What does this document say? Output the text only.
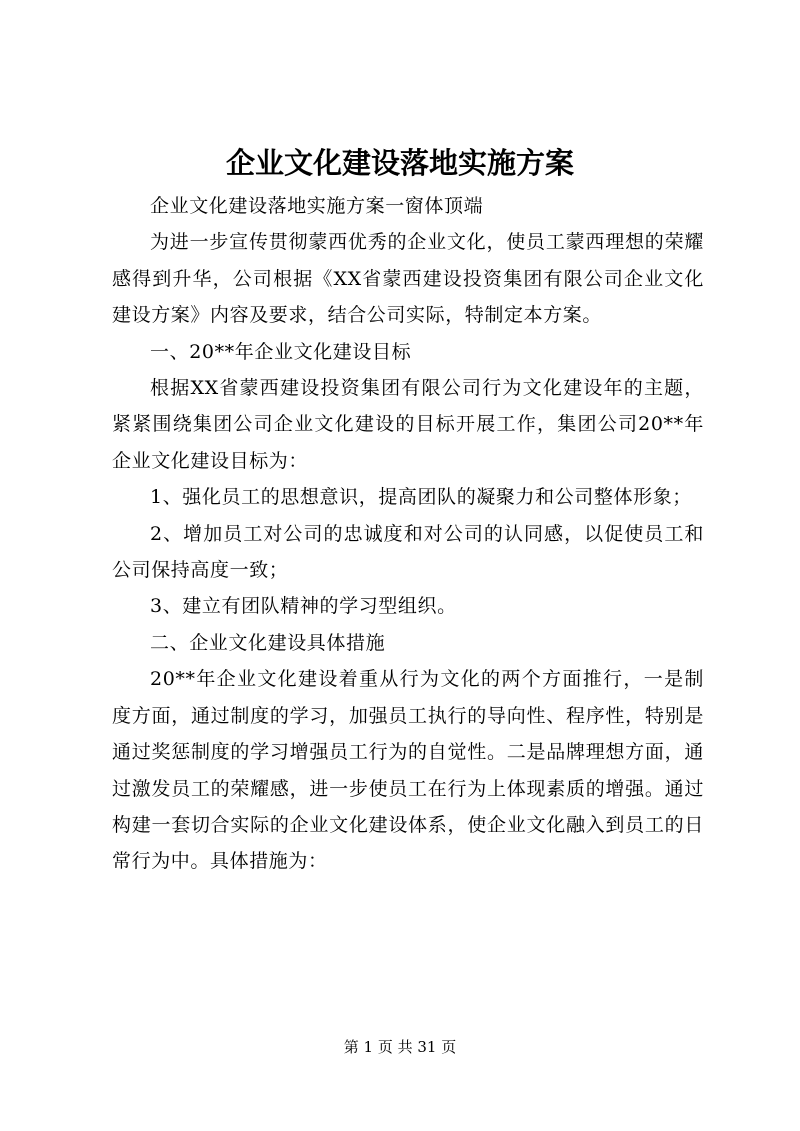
企业文化建设落地实施方案

企业文化建设落地实施方案一窗体顶端

为进一步宣传贯彻蒙西优秀的企业文化，使员工蒙西理想的荣耀感得到升华，公司根据《XX省蒙西建设投资集团有限公司企业文化建设方案》内容及要求，结合公司实际，特制定本方案。

一、20**年企业文化建设目标

根据XX省蒙西建设投资集团有限公司行为文化建设年的主题，紧紧围绕集团公司企业文化建设的目标开展工作，集团公司20**年企业文化建设目标为：

1、强化员工的思想意识，提高团队的凝聚力和公司整体形象；

2、增加员工对公司的忠诚度和对公司的认同感，以促使员工和公司保持高度一致；

3、建立有团队精神的学习型组织。

二、企业文化建设具体措施

20**年企业文化建设着重从行为文化的两个方面推行，一是制度方面，通过制度的学习，加强员工执行的导向性、程序性，特别是通过奖惩制度的学习增强员工行为的自觉性。二是品牌理想方面，通过激发员工的荣耀感，进一步使员工在行为上体现素质的增强。通过构建一套切合实际的企业文化建设体系，使企业文化融入到员工的日常行为中。具体措施为：

第 1 页 共 31 页
